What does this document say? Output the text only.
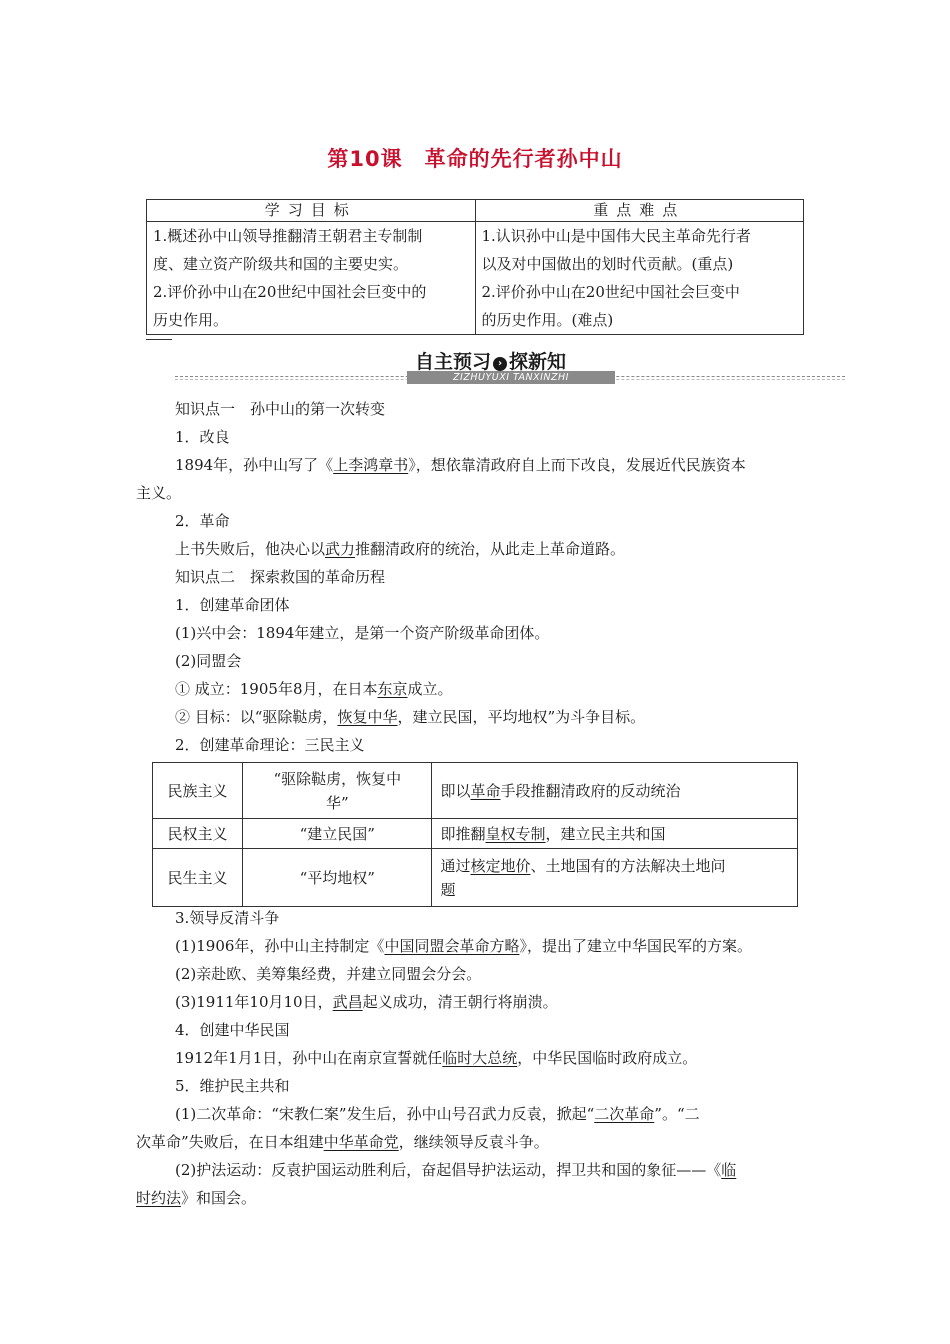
第10课 革命的先行者孙中山
学习目标	重点难点

1.概述孙中山领导推翻清王朝君主专制制
度、建立资产阶级共和国的主要史实。
2.评价孙中山在20世纪中国社会巨变中的
历史作用。	1.认识孙中山是中国伟大民主革命先行者
以及对中国做出的划时代贡献。(重点)
2.评价孙中山在20世纪中国社会巨变中
的历史作用。(难点)
ZIZHUYUXI TANXINZHI
自主预习 › 探新知
知识点一　孙中山的第一次转变
1．改良
1894年，孙中山写了《上李鸿章书》，想依靠清政府自上而下改良，发展近代民族资本
主义。
2．革命
上书失败后，他决心以武力推翻清政府的统治，从此走上革命道路。
知识点二　探索救国的革命历程
1．创建革命团体
(1)兴中会：1894年建立，是第一个资产阶级革命团体。
(2)同盟会
① 成立：1905年8月，在日本东京成立。
② 目标：以“驱除鞑虏，恢复中华，建立民国，平均地权”为斗争目标。
2．创建革命理论：三民主义
民族主义	“驱除鞑虏，恢复中
华”	即以革命手段推翻清政府的反动统治
民权主义	“建立民国”	即推翻皇权专制，建立民主共和国
民生主义	“平均地权”	通过核定地价、土地国有的方法解决土地问
题
3.领导反清斗争
(1)1906年，孙中山主持制定《中国同盟会革命方略》，提出了建立中华国民军的方案。
(2)亲赴欧、美筹集经费，并建立同盟会分会。
(3)1911年10月10日，武昌起义成功，清王朝行将崩溃。
4．创建中华民国
1912年1月1日，孙中山在南京宣誓就任临时大总统，中华民国临时政府成立。
5．维护民主共和
(1)二次革命：“宋教仁案”发生后，孙中山号召武力反袁，掀起“二次革命”。“二
次革命”失败后，在日本组建中华革命党，继续领导反袁斗争。
(2)护法运动：反袁护国运动胜利后，奋起倡导护法运动，捍卫共和国的象征——《临
时约法》和国会。
